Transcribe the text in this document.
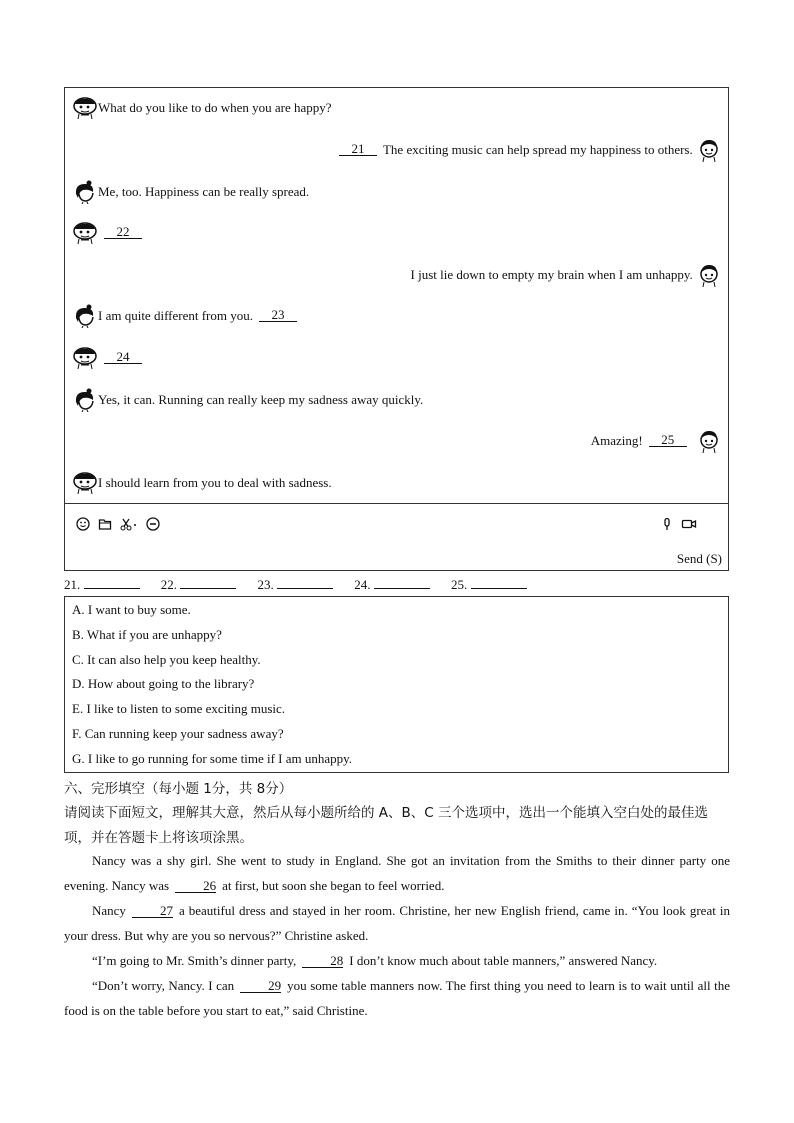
What do you like to do when you are happy?
21 The exciting music can help spread my happiness to others.
Me, too. Happiness can be really spread.
22
I just lie down to empty my brain when I am unhappy.
I am quite different from you. 23
24
Yes, it can. Running can really keep my sadness away quickly.
Amazing! 25
I should learn from you to deal with sadness.
Send (S)
21.	22.	23.	24.	25.
A. I want to buy some.
B. What if you are unhappy?
C. It can also help you keep healthy.
D. How about going to the library?
E. I like to listen to some exciting music.
F. Can running keep your sadness away?
G. I like to go running for some time if I am unhappy.
六、完形填空（每小题 1分，共 8分）
请阅读下面短文，理解其大意，然后从每小题所给的 A、B、C 三个选项中，选出一个能填入空白处的最佳选项，并在答题卡上将该项涂黑。
Nancy was a shy girl. She went to study in England. She got an invitation from the Smiths to their dinner party one evening. Nancy was	26 at first, but soon she began to feel worried.
Nancy	27 a beautiful dress and stayed in her room. Christine, her new English friend, came in. “You look great in your dress. But why are you so nervous?” Christine asked.
“I’m going to Mr. Smith’s dinner party,	28 I don’t know much about table manners,” answered Nancy.
“Don’t worry, Nancy. I can	29 you some table manners now. The first thing you need to learn is to wait until all the food is on the table before you start to eat,” said Christine.
